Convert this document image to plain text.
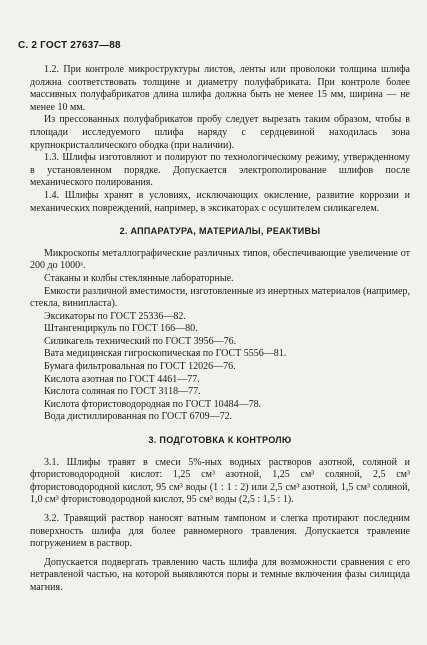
С. 2 ГОСТ 27637—88

1.2. При контроле микроструктуры листов, ленты или проволоки толщина шлифа должна соответствовать толщине и диаметру полуфабриката. При контроле более массивных полуфабрикатов длина шлифа должна быть не менее 15 мм, ширина — не менее 10 мм.

Из прессованных полуфабрикатов пробу следует вырезать таким образом, чтобы в площади исследуемого шлифа наряду с сердцевиной находилась зона крупнокристаллического ободка (при наличии).

1.3. Шлифы изготовляют и полируют по технологическому режиму, утвержденному в установленном порядке. Допускается электрополирование шлифов после механического полирования.

1.4. Шлифы хранят в условиях, исключающих окисление, развитие коррозии и механических повреждений, например, в эксикаторах с осушителем силикагелем.

2. АППАРАТУРА, МАТЕРИАЛЫ, РЕАКТИВЫ

Микроскопы металлографические различных типов, обеспечивающие увеличение от 200 до 1000ˣ.

Стаканы и колбы стеклянные лабораторные.

Емкости различной вместимости, изготовленные из инертных материалов (например, стекла, винипласта).

Эксикаторы по ГОСТ 25336—82.

Штангенциркуль по ГОСТ 166—80.

Силикагель технический по ГОСТ 3956—76.

Вата медицинская гигроскопическая по ГОСТ 5556—81.

Бумага фильтровальная по ГОСТ 12026—76.

Кислота азотная по ГОСТ 4461—77.

Кислота соляная по ГОСТ 3118—77.

Кислота фтористоводородная по ГОСТ 10484—78.

Вода дистиллированная по ГОСТ 6709—72.

3. ПОДГОТОВКА К КОНТРОЛЮ

3.1. Шлифы травят в смеси 5%-ных водных растворов азотной, соляной и фтористоводородной кислот: 1,25 см³ азотной, 1,25 см³ соляной, 2,5 см³ фтористоводородной кислот, 95 см³ воды (1 : 1 : 2) или 2,5 см³ азотной, 1,5 см³ соляной, 1,0 см³ фтористоводородной кислот, 95 см³ воды (2,5 : 1,5 : 1).

3.2. Травящий раствор наносят ватным тампоном и слегка протирают последним поверхность шлифа для более равномерного травления. Допускается травление погружением в раствор.

Допускается подвергать травлению часть шлифа для возможности сравнения с его нетравленой частью, на которой выявляются поры и темные включения фазы силицида магния.
